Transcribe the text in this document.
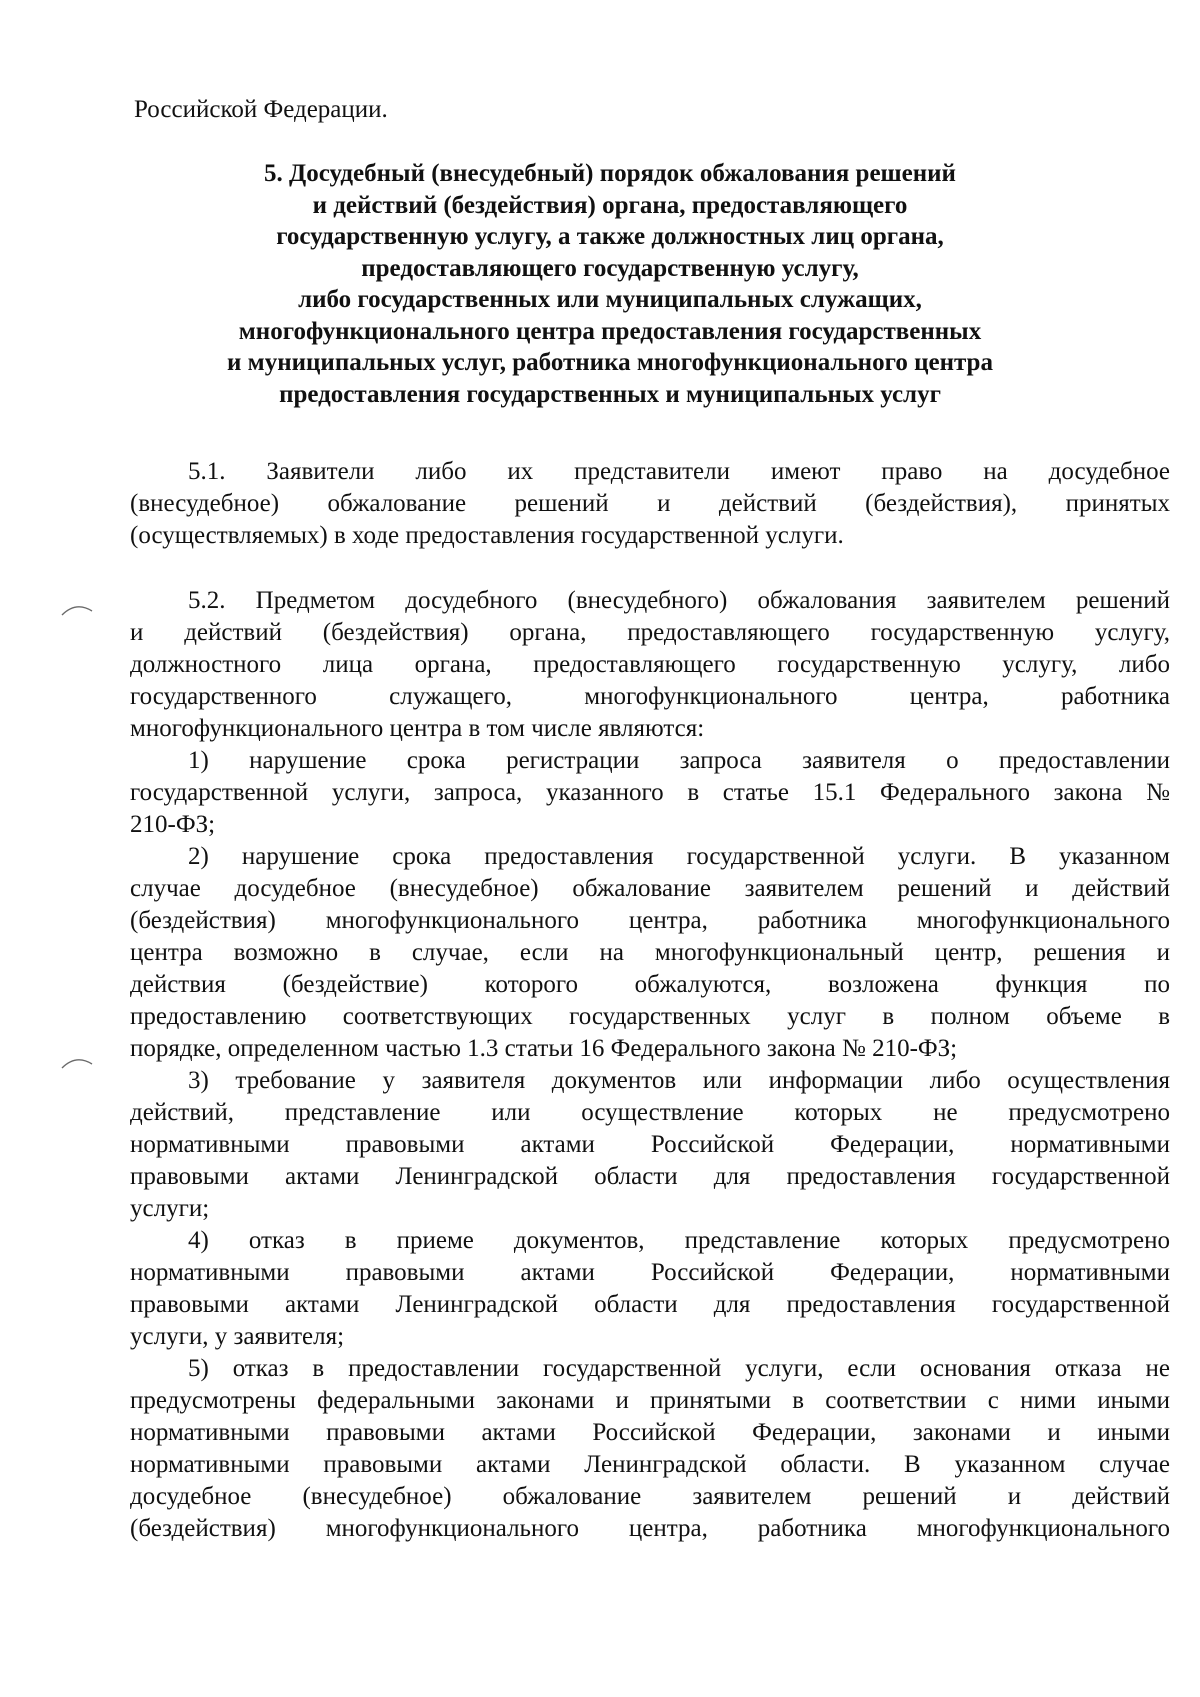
Российской Федерации.

5. Досудебный (внесудебный) порядок обжалования решений
и действий (бездействия) органа, предоставляющего
государственную услугу, а также должностных лиц органа,
предоставляющего государственную услугу,
либо государственных или муниципальных служащих,
многофункционального центра предоставления государственных
и муниципальных услуг, работника многофункционального центра
предоставления государственных и муниципальных услуг
5.1. Заявители либо их представители имеют право на досудебное
(внесудебное) обжалование решений и действий (бездействия), принятых
(осуществляемых) в ходе предоставления государственной услуги.
5.2. Предметом досудебного (внесудебного) обжалования заявителем решений
и действий (бездействия) органа, предоставляющего государственную услугу,
должностного лица органа, предоставляющего государственную услугу, либо
государственного служащего, многофункционального центра, работника
многофункционального центра в том числе являются:
1) нарушение срока регистрации запроса заявителя о предоставлении
государственной услуги, запроса, указанного в статье 15.1 Федерального закона №
210-ФЗ;
2) нарушение срока предоставления государственной услуги. В указанном
случае досудебное (внесудебное) обжалование заявителем решений и действий
(бездействия) многофункционального центра, работника многофункционального
центра возможно в случае, если на многофункциональный центр, решения и
действия (бездействие) которого обжалуются, возложена функция по
предоставлению соответствующих государственных услуг в полном объеме в
порядке, определенном частью 1.3 статьи 16 Федерального закона № 210-ФЗ;
3) требование у заявителя документов или информации либо осуществления
действий, представление или осуществление которых не предусмотрено
нормативными правовыми актами Российской Федерации, нормативными
правовыми актами Ленинградской области для предоставления государственной
услуги;
4) отказ в приеме документов, представление которых предусмотрено
нормативными правовыми актами Российской Федерации, нормативными
правовыми актами Ленинградской области для предоставления государственной
услуги, у заявителя;
5) отказ в предоставлении государственной услуги, если основания отказа не
предусмотрены федеральными законами и принятыми в соответствии с ними иными
нормативными правовыми актами Российской Федерации, законами и иными
нормативными правовыми актами Ленинградской области. В указанном случае
досудебное (внесудебное) обжалование заявителем решений и действий
(бездействия) многофункционального центра, работника многофункционального
